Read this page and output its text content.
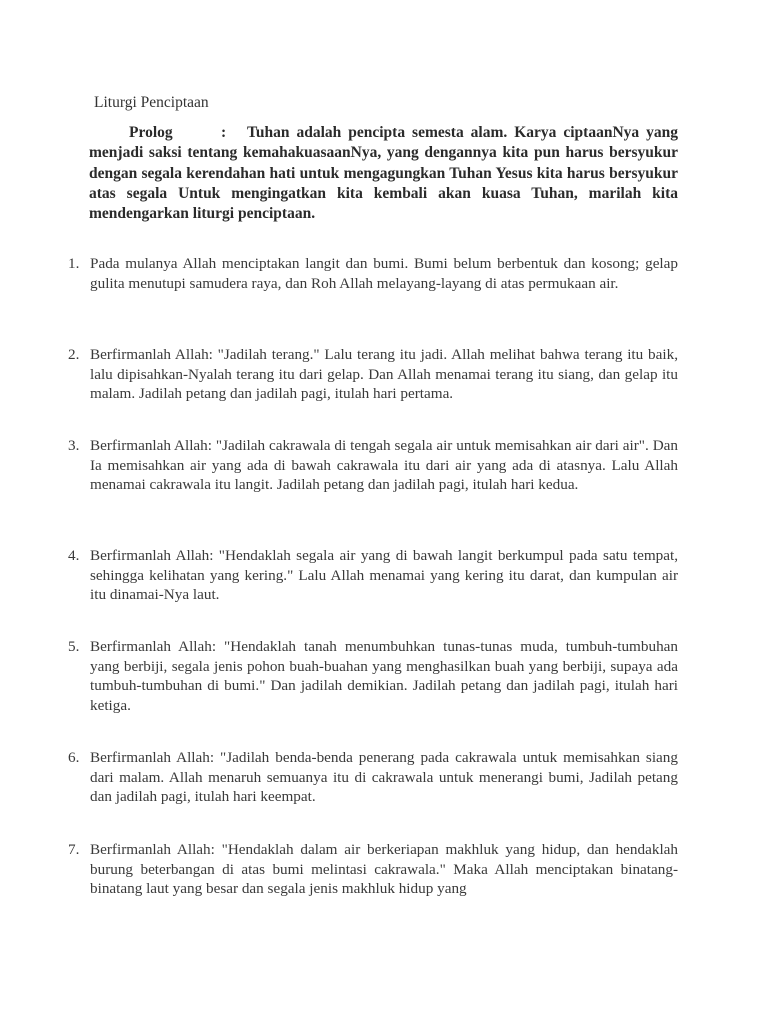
Liturgi Penciptaan

Prolog	: Tuhan adalah pencipta semesta alam. Karya ciptaanNya yang menjadi saksi tentang kemahakuasaanNya, yang dengannya kita pun harus bersyukur dengan segala kerendahan hati untuk mengagungkan Tuhan Yesus kita harus bersyukur atas segala Untuk mengingatkan kita kembali akan kuasa Tuhan, marilah kita mendengarkan liturgi penciptaan.

1. Pada mulanya Allah menciptakan langit dan bumi. Bumi belum berbentuk dan kosong; gelap gulita menutupi samudera raya, dan Roh Allah melayang-layang di atas permukaan air.
2. Berfirmanlah Allah: "Jadilah terang." Lalu terang itu jadi. Allah melihat bahwa terang itu baik, lalu dipisahkan-Nyalah terang itu dari gelap. Dan Allah menamai terang itu siang, dan gelap itu malam. Jadilah petang dan jadilah pagi, itulah hari pertama.
3. Berfirmanlah Allah: "Jadilah cakrawala di tengah segala air untuk memisahkan air dari air". Dan Ia memisahkan air yang ada di bawah cakrawala itu dari air yang ada di atasnya. Lalu Allah menamai cakrawala itu langit. Jadilah petang dan jadilah pagi, itulah hari kedua.
4. Berfirmanlah Allah: "Hendaklah segala air yang di bawah langit berkumpul pada satu tempat, sehingga kelihatan yang kering." Lalu Allah menamai yang kering itu darat, dan kumpulan air itu dinamai-Nya laut.
5. Berfirmanlah Allah: "Hendaklah tanah menumbuhkan tunas-tunas muda, tumbuh-tumbuhan yang berbiji, segala jenis pohon buah-buahan yang menghasilkan buah yang berbiji, supaya ada tumbuh-tumbuhan di bumi." Dan jadilah demikian. Jadilah petang dan jadilah pagi, itulah hari ketiga.
6. Berfirmanlah Allah: "Jadilah benda-benda penerang pada cakrawala untuk memisahkan siang dari malam. Allah menaruh semuanya itu di cakrawala untuk menerangi bumi, Jadilah petang dan jadilah pagi, itulah hari keempat.
7. Berfirmanlah Allah: "Hendaklah dalam air berkeriapan makhluk yang hidup, dan hendaklah burung beterbangan di atas bumi melintasi cakrawala." Maka Allah menciptakan binatang-binatang laut yang besar dan segala jenis makhluk hidup yang
